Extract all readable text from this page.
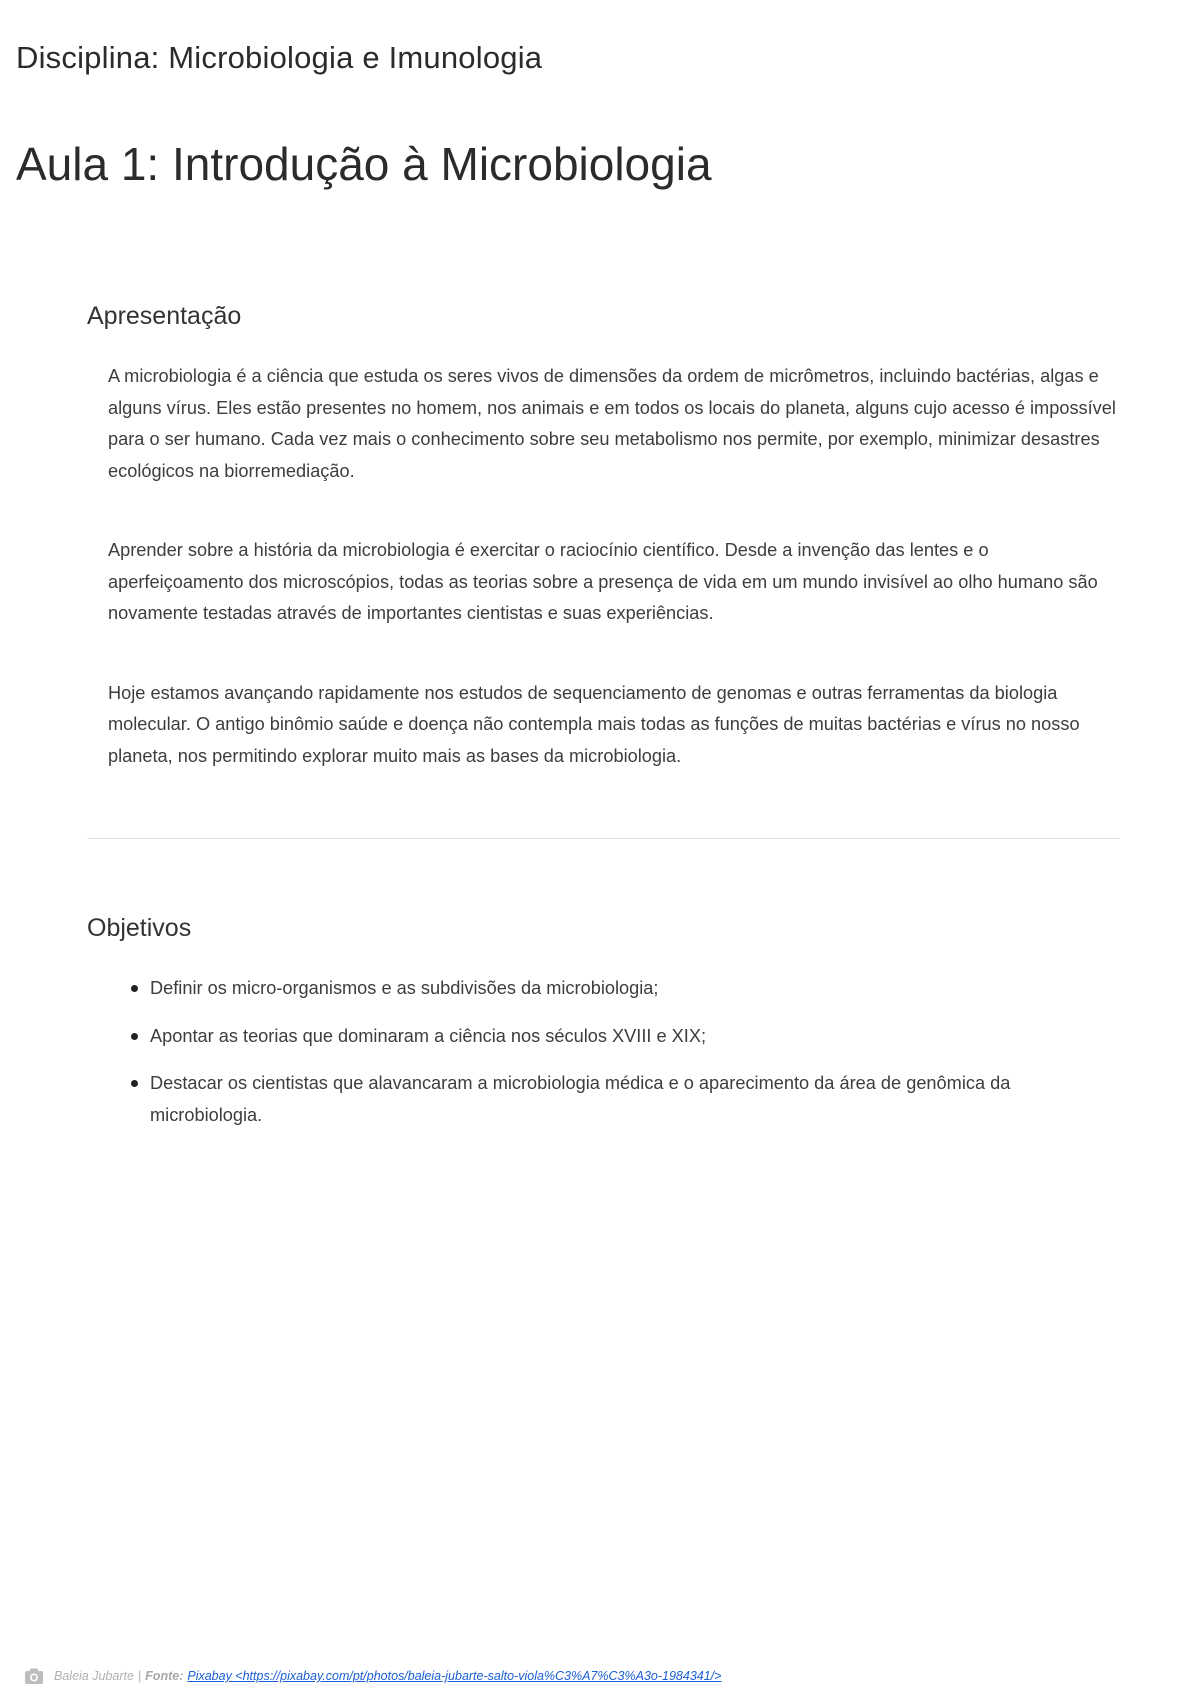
Disciplina: Microbiologia e Imunologia
Aula 1: Introdução à Microbiologia
Apresentação

A microbiologia é a ciência que estuda os seres vivos de dimensões da ordem de micrômetros, incluindo bactérias, algas e alguns vírus. Eles estão presentes no homem, nos animais e em todos os locais do planeta, alguns cujo acesso é impossível para o ser humano. Cada vez mais o conhecimento sobre seu metabolismo nos permite, por exemplo, minimizar desastres ecológicos na biorremediação.

Aprender sobre a história da microbiologia é exercitar o raciocínio científico. Desde a invenção das lentes e o aperfeiçoamento dos microscópios, todas as teorias sobre a presença de vida em um mundo invisível ao olho humano são novamente testadas através de importantes cientistas e suas experiências.

Hoje estamos avançando rapidamente nos estudos de sequenciamento de genomas e outras ferramentas da biologia molecular. O antigo binômio saúde e doença não contempla mais todas as funções de muitas bactérias e vírus no nosso planeta, nos permitindo explorar muito mais as bases da microbiologia.

Objetivos
Definir os micro-organismos e as subdivisões da microbiologia;
Apontar as teorias que dominaram a ciência nos séculos XVIII e XIX;
Destacar os cientistas que alavancaram a microbiologia médica e o aparecimento da área de genômica da microbiologia.
Baleia Jubarte | Fonte: Pixabay <https://pixabay.com/pt/photos/baleia-jubarte-salto-viola%C3%A7%C3%A3o-1984341/>
